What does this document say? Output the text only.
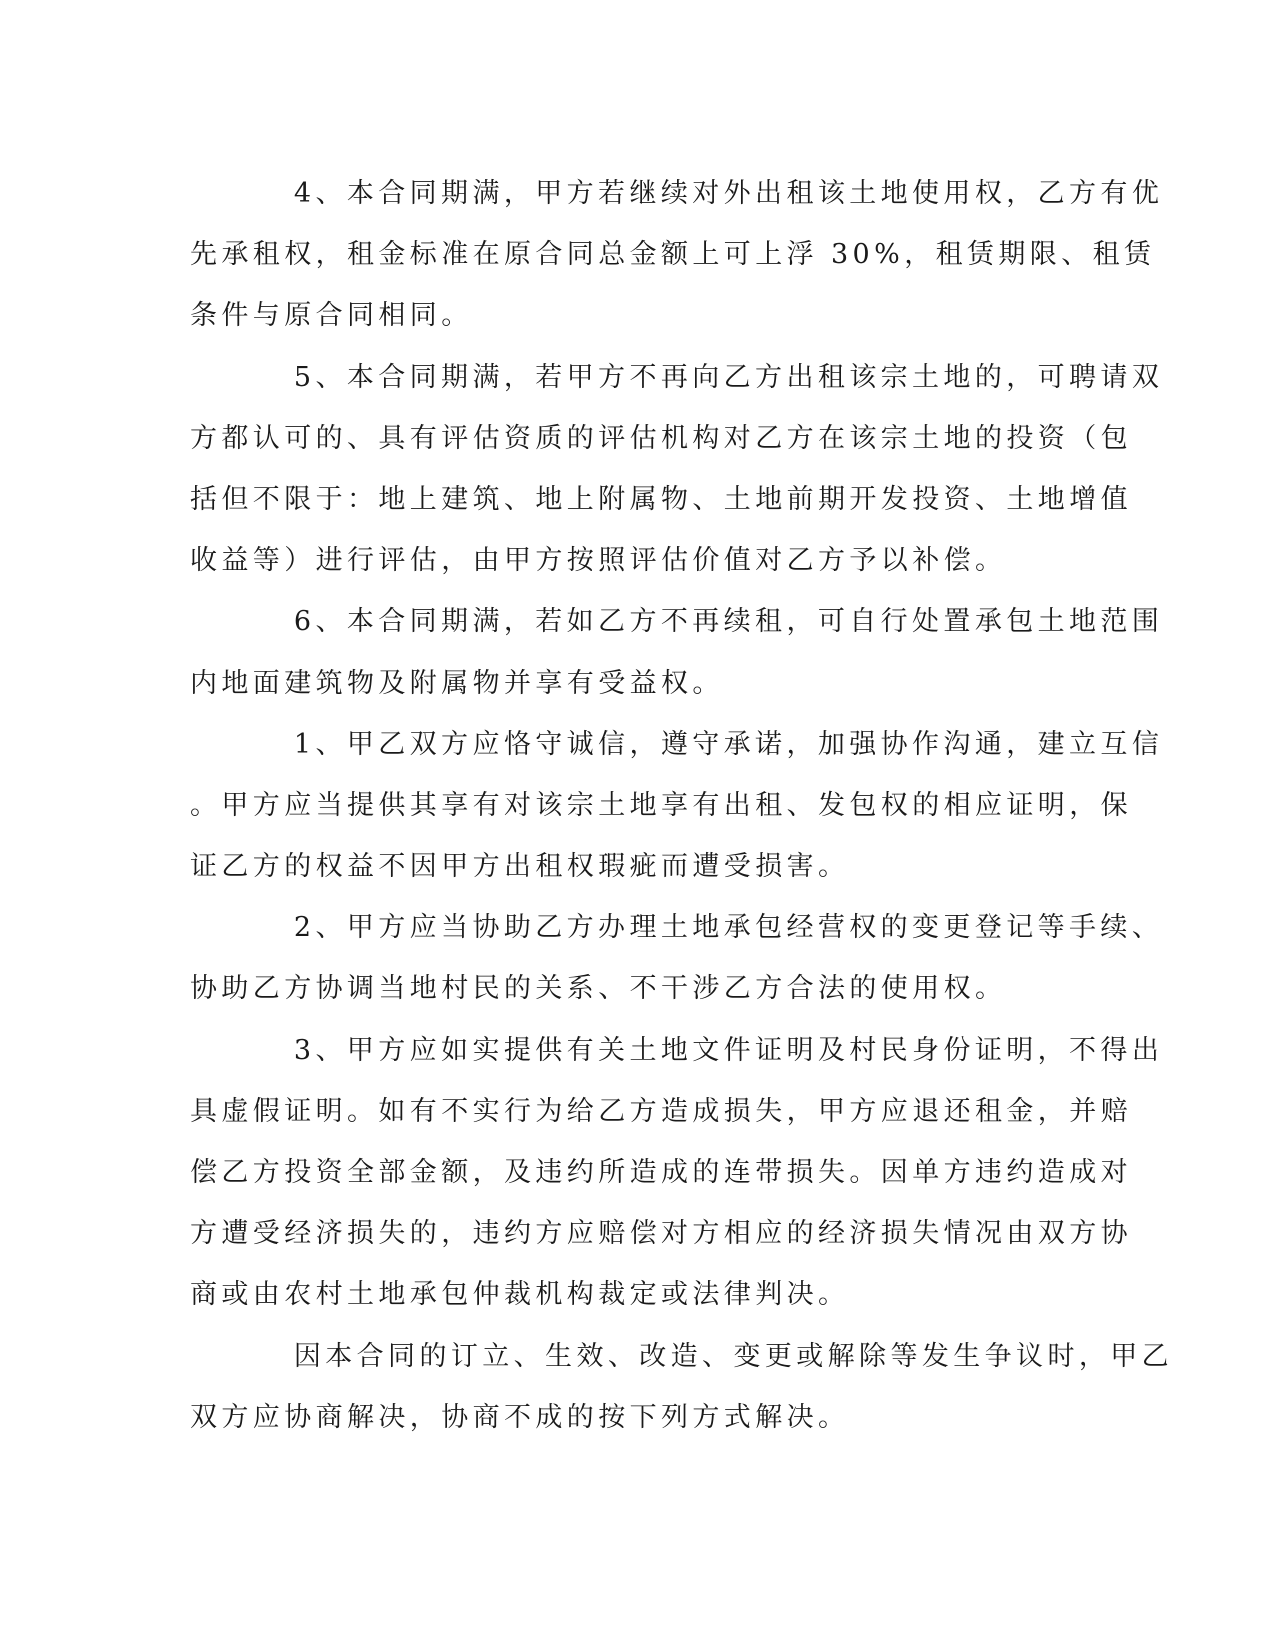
4、本合同期满，甲方若继续对外出租该土地使用权，乙方有优
先承租权，租金标准在原合同总金额上可上浮 30%，租赁期限、租赁
条件与原合同相同。
5、本合同期满，若甲方不再向乙方出租该宗土地的，可聘请双
方都认可的、具有评估资质的评估机构对乙方在该宗土地的投资（包
括但不限于：地上建筑、地上附属物、土地前期开发投资、土地增值
收益等）进行评估，由甲方按照评估价值对乙方予以补偿。
6、本合同期满，若如乙方不再续租，可自行处置承包土地范围
内地面建筑物及附属物并享有受益权。
1、甲乙双方应恪守诚信，遵守承诺，加强协作沟通，建立互信
。甲方应当提供其享有对该宗土地享有出租、发包权的相应证明，保
证乙方的权益不因甲方出租权瑕疵而遭受损害。
2、甲方应当协助乙方办理土地承包经营权的变更登记等手续、
协助乙方协调当地村民的关系、不干涉乙方合法的使用权。
3、甲方应如实提供有关土地文件证明及村民身份证明，不得出
具虚假证明。如有不实行为给乙方造成损失，甲方应退还租金，并赔
偿乙方投资全部金额，及违约所造成的连带损失。因单方违约造成对
方遭受经济损失的，违约方应赔偿对方相应的经济损失情况由双方协
商或由农村土地承包仲裁机构裁定或法律判决。
因本合同的订立、生效、改造、变更或解除等发生争议时，甲乙
双方应协商解决，协商不成的按下列方式解决。
